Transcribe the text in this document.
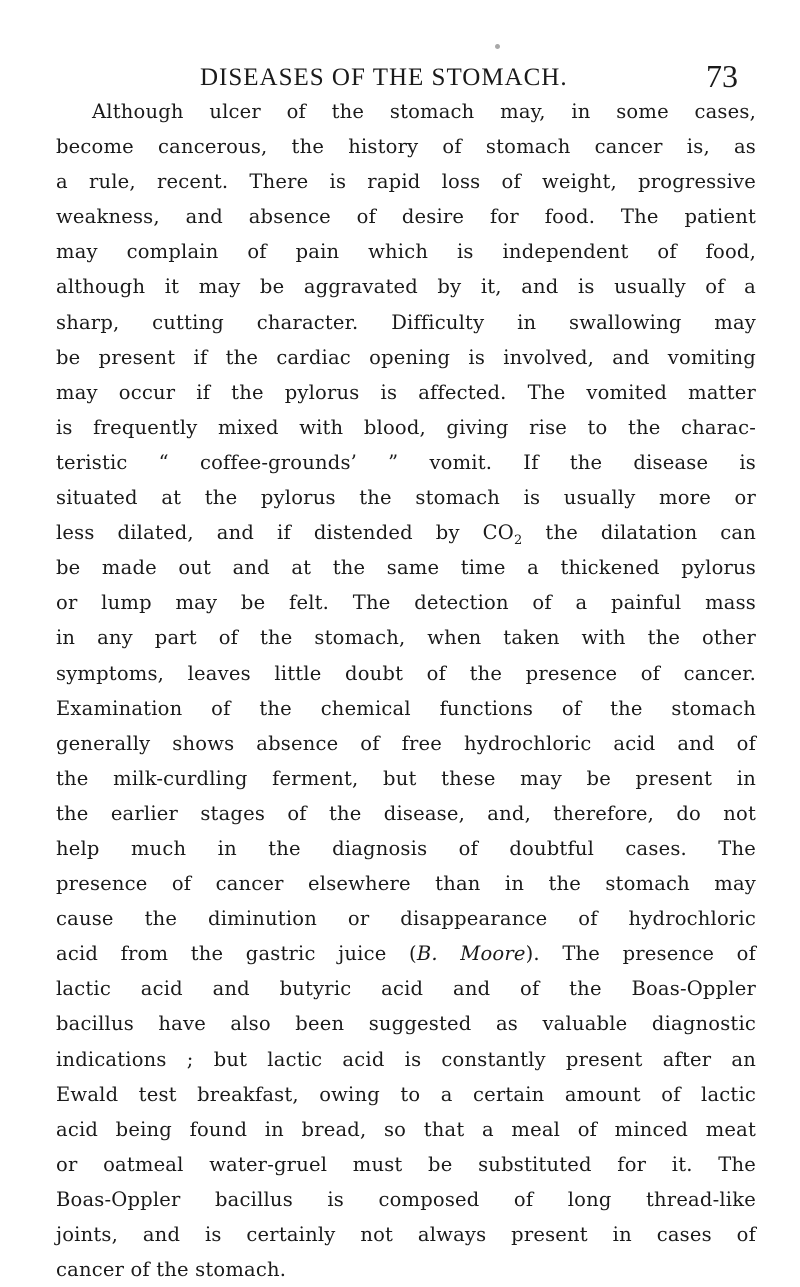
DISEASES OF THE STOMACH.	73
Although ulcer of the stomach may, in some cases,
become cancerous, the history of stomach cancer is, as
a rule, recent. There is rapid loss of weight, progressive
weakness, and absence of desire for food. The patient
may complain of pain which is independent of food,
although it may be aggravated by it, and is usually of a
sharp, cutting character. Difficulty in swallowing may
be present if the cardiac opening is involved, and vomiting
may occur if the pylorus is affected. The vomited matter
is frequently mixed with blood, giving rise to the charac-
teristic “ coffee-grounds’ ” vomit. If the disease is
situated at the pylorus the stomach is usually more or
less dilated, and if distended by $CO_2$ the dilatation can
be made out and at the same time a thickened pylorus
or lump may be felt. The detection of a painful mass
in any part of the stomach, when taken with the other
symptoms, leaves little doubt of the presence of cancer.
Examination of the chemical functions of the stomach
generally shows absence of free hydrochloric acid and of
the milk-curdling ferment, but these may be present in
the earlier stages of the disease, and, therefore, do not
help much in the diagnosis of doubtful cases. The
presence of cancer elsewhere than in the stomach may
cause the diminution or disappearance of hydrochloric
acid from the gastric juice (B. Moore). The presence of
lactic acid and butyric acid and of the Boas-Oppler
bacillus have also been suggested as valuable diagnostic
indications ; but lactic acid is constantly present after an
Ewald test breakfast, owing to a certain amount of lactic
acid being found in bread, so that a meal of minced meat
or oatmeal water-gruel must be substituted for it. The
Boas-Oppler bacillus is composed of long thread-like
joints, and is certainly not always present in cases of
cancer of the stomach.
